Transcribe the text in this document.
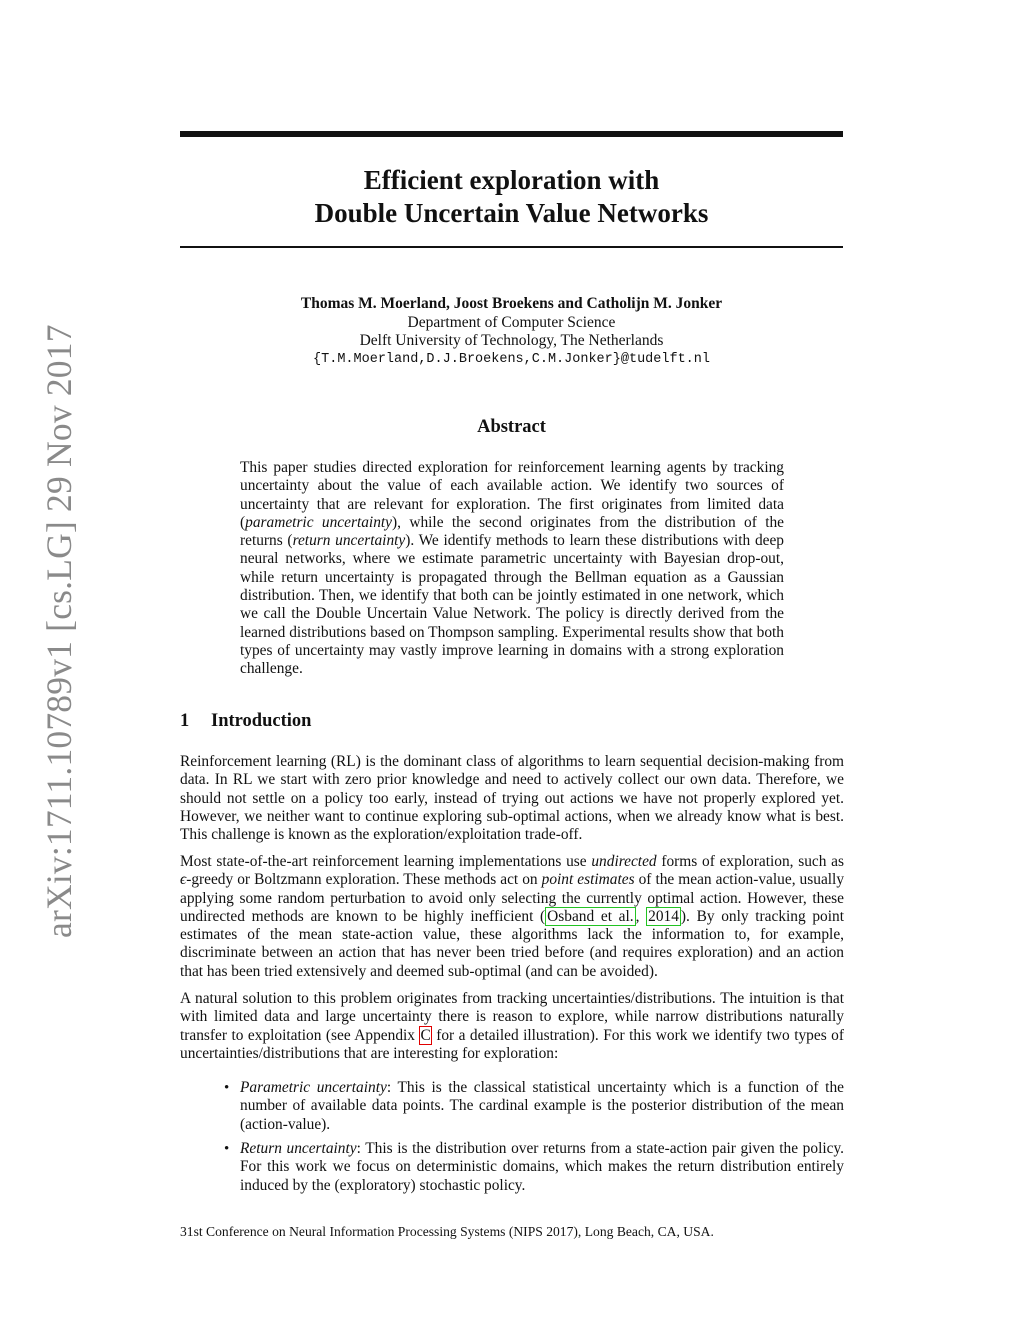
arXiv:1711.10789v1 [cs.LG] 29 Nov 2017
Efficient exploration with
Double Uncertain Value Networks
Thomas M. Moerland, Joost Broekens and Catholijn M. Jonker
Department of Computer Science
Delft University of Technology, The Netherlands
{T.M.Moerland,D.J.Broekens,C.M.Jonker}@tudelft.nl
Abstract
This paper studies directed exploration for reinforcement learning agents by tracking uncertainty about the value of each available action. We identify two sources of uncertainty that are relevant for exploration. The first originates from limited data (parametric uncertainty), while the second originates from the distribution of the returns (return uncertainty). We identify methods to learn these distributions with deep neural networks, where we estimate parametric uncertainty with Bayesian drop-out, while return uncertainty is propagated through the Bellman equation as a Gaussian distribution. Then, we identify that both can be jointly estimated in one network, which we call the Double Uncertain Value Network. The policy is directly derived from the learned distributions based on Thompson sampling. Experimental results show that both types of uncertainty may vastly improve learning in domains with a strong exploration challenge.
1 Introduction
Reinforcement learning (RL) is the dominant class of algorithms to learn sequential decision-making from data. In RL we start with zero prior knowledge and need to actively collect our own data. Therefore, we should not settle on a policy too early, instead of trying out actions we have not properly explored yet. However, we neither want to continue exploring sub-optimal actions, when we already know what is best. This challenge is known as the exploration/exploitation trade-off.
Most state-of-the-art reinforcement learning implementations use undirected forms of exploration, such as ϵ-greedy or Boltzmann exploration. These methods act on point estimates of the mean action-value, usually applying some random perturbation to avoid only selecting the currently optimal action. However, these undirected methods are known to be highly inefficient ( Osband et al. , 2014 ). By only tracking point estimates of the mean state-action value, these algorithms lack the information to, for example, discriminate between an action that has never been tried before (and requires exploration) and an action that has been tried extensively and deemed sub-optimal (and can be avoided).
A natural solution to this problem originates from tracking uncertainties/distributions. The intuition is that with limited data and large uncertainty there is reason to explore, while narrow distributions naturally transfer to exploitation (see Appendix C for a detailed illustration). For this work we identify two types of uncertainties/distributions that are interesting for exploration:
• Parametric uncertainty: This is the classical statistical uncertainty which is a function of the number of available data points. The cardinal example is the posterior distribution of the mean (action-value).
• Return uncertainty: This is the distribution over returns from a state-action pair given the policy. For this work we focus on deterministic domains, which makes the return distribution entirely induced by the (exploratory) stochastic policy.
31st Conference on Neural Information Processing Systems (NIPS 2017), Long Beach, CA, USA.
